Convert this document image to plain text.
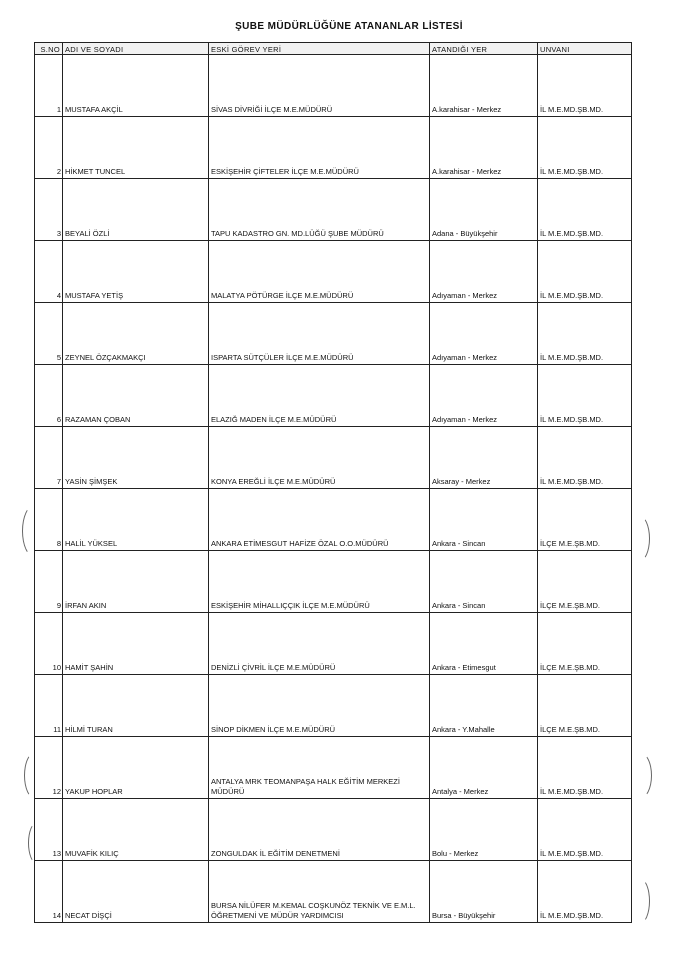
ŞUBE MÜDÜRLÜĞÜNE ATANANLAR LİSTESİ
S.NO	ADI VE SOYADI	ESKİ GÖREV YERİ	ATANDIĞI YER	UNVANI
1	MUSTAFA AKÇİL	SİVAS DİVRİĞİ İLÇE M.E.MÜDÜRÜ	A.karahisar - Merkez	İL M.E.MD.ŞB.MD.
2	HİKMET TUNCEL	ESKİŞEHİR ÇİFTELER İLÇE M.E.MÜDÜRÜ	A.karahisar - Merkez	İL M.E.MD.ŞB.MD.
3	BEYALİ ÖZLİ	TAPU KADASTRO GN. MD.LÜĞÜ ŞUBE MÜDÜRÜ	Adana - Büyükşehir	İL M.E.MD.ŞB.MD.
4	MUSTAFA YETİŞ	MALATYA PÖTÜRGE İLÇE M.E.MÜDÜRÜ	Adıyaman - Merkez	İL M.E.MD.ŞB.MD.
5	ZEYNEL ÖZÇAKMAKÇI	ISPARTA SÜTÇÜLER İLÇE M.E.MÜDÜRÜ	Adıyaman - Merkez	İL M.E.MD.ŞB.MD.
6	RAZAMAN ÇOBAN	ELAZIĞ MADEN İLÇE M.E.MÜDÜRÜ	Adıyaman - Merkez	İL M.E.MD.ŞB.MD.
7	YASİN ŞİMŞEK	KONYA EREĞLİ İLÇE M.E.MÜDÜRÜ	Aksaray - Merkez	İL M.E.MD.ŞB.MD.
8	HALİL YÜKSEL	ANKARA ETİMESGUT HAFİZE ÖZAL O.O.MÜDÜRÜ	Ankara - Sincan	İLÇE M.E.ŞB.MD.
9	İRFAN AKIN	ESKİŞEHİR MİHALLIÇÇIK İLÇE M.E.MÜDÜRÜ	Ankara - Sincan	İLÇE M.E.ŞB.MD.
10	HAMİT ŞAHİN	DENİZLİ ÇİVRİL İLÇE M.E.MÜDÜRÜ	Ankara - Etimesgut	İLÇE M.E.ŞB.MD.
11	HİLMİ TURAN	SİNOP DİKMEN İLÇE M.E.MÜDÜRÜ	Ankara - Y.Mahalle	İLÇE M.E.ŞB.MD.
12	YAKUP HOPLAR	ANTALYA MRK TEOMANPAŞA HALK EĞİTİM MERKEZİ MÜDÜRÜ	Antalya - Merkez	İL M.E.MD.ŞB.MD.
13	MUVAFİK KILIÇ	ZONGULDAK İL EĞİTİM DENETMENİ	Bolu - Merkez	İL M.E.MD.ŞB.MD.
14	NECAT DİŞÇİ	BURSA NİLÜFER M.KEMAL COŞKUNÖZ TEKNİK VE E.M.L. ÖĞRETMENİ VE MÜDÜR YARDIMCISI	Bursa - Büyükşehir	İL M.E.MD.ŞB.MD.
